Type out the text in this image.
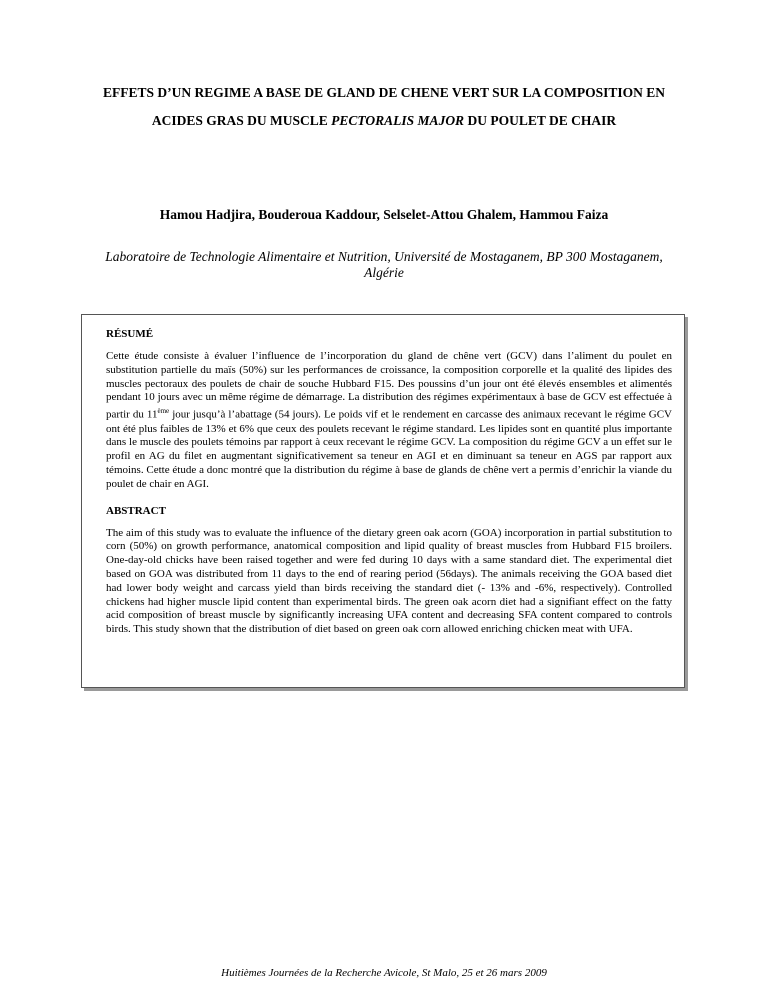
EFFETS D’UN REGIME A BASE DE GLAND DE CHENE VERT SUR LA COMPOSITION EN ACIDES GRAS DU MUSCLE PECTORALIS MAJOR DU POULET DE CHAIR

Hamou Hadjira, Bouderoua Kaddour, Selselet-Attou Ghalem, Hammou Faiza

Laboratoire de Technologie Alimentaire et Nutrition, Université de Mostaganem, BP 300 Mostaganem, Algérie

RÉSUMÉ

Cette étude consiste à évaluer l’influence de l’incorporation du gland de chêne vert (GCV) dans l’aliment du poulet en substitution partielle du maïs (50%) sur les performances de croissance, la composition corporelle et la qualité des lipides des muscles pectoraux des poulets de chair de souche Hubbard F15. Des poussins d’un jour ont été élevés ensembles et alimentés pendant 10 jours avec un même régime de démarrage. La distribution des régimes expérimentaux à base de GCV est effectuée à partir du 11ème jour jusqu’à l’abattage (54 jours). Le poids vif et le rendement en carcasse des animaux recevant le régime GCV ont été plus faibles de 13% et 6% que ceux des poulets recevant le régime standard. Les lipides sont en quantité plus importante dans le muscle des poulets témoins par rapport à ceux recevant le régime GCV. La composition du régime GCV a un effet sur le profil en AG du filet en augmentant significativement sa teneur en AGI et en diminuant sa teneur en AGS par rapport aux témoins. Cette étude a donc montré que la distribution du régime à base de glands de chêne vert a permis d’enrichir la viande du poulet de chair en AGI.

ABSTRACT

The aim of this study was to evaluate the influence of the dietary green oak acorn (GOA) incorporation in partial substitution to corn (50%) on growth performance, anatomical composition and lipid quality of breast muscles from Hubbard F15 broilers. One-day-old chicks have been raised together and were fed during 10 days with a same standard diet. The experimental diet based on GOA was distributed from 11 days to the end of rearing period (56days). The animals receiving the GOA based diet had lower body weight and carcass yield than birds receiving the standard diet (- 13% and -6%, respectively). Controlled chickens had higher muscle lipid content than experimental birds. The green oak acorn diet had a signifiant effect on the fatty acid composition of breast muscle by significantly increasing UFA content and decreasing SFA content compared to controls birds. This study shown that the distribution of diet based on green oak corn allowed enriching chicken meat with UFA.

Huitièmes Journées de la Recherche Avicole, St Malo, 25 et 26 mars 2009
